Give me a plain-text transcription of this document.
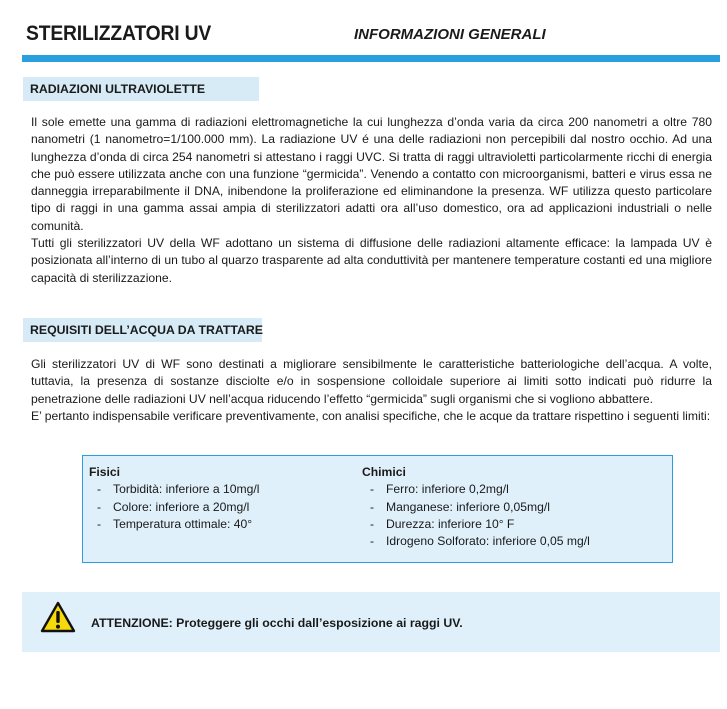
STERILIZZATORI UV	INFORMAZIONI GENERALI
RADIAZIONI ULTRAVIOLETTE

Il sole emette una gamma di radiazioni elettromagnetiche la cui lunghezza d’onda varia da circa 200 nanometri a oltre 780 nanometri (1 nanometro=1/100.000 mm). La radiazione UV é una delle radiazioni non percepibili dal nostro occhio. Ad una lunghezza d’onda di circa 254 nanometri si attestano i raggi UVC. Si tratta di raggi ultravioletti particolarmente ricchi di energia che può essere utilizzata anche con una funzione “germicida”. Venendo a contatto con microorganismi, batteri e virus essa ne danneggia irreparabilmente il DNA, inibendone la proliferazione ed eliminandone la presenza. WF utilizza questo particolare tipo di raggi in una gamma assai ampia di sterilizzatori adatti ora all’uso domestico, ora ad applicazioni industriali o nelle comunità.

Tutti gli sterilizzatori UV della WF adottano un sistema di diffusione delle radiazioni altamente efficace: la lampada UV è posizionata all’interno di un tubo al quarzo trasparente ad alta conduttività per mantenere temperature costanti ed una migliore capacità di sterilizzazione.

REQUISITI DELL’ACQUA DA TRATTARE

Gli sterilizzatori UV di WF sono destinati a migliorare sensibilmente le caratteristiche batteriologiche dell’acqua. A volte, tuttavia, la presenza di sostanze disciolte e/o in sospensione colloidale superiore ai limiti sotto indicati può ridurre la penetrazione delle radiazioni UV nell’acqua riducendo l’effetto “germicida” sugli organismi che si vogliono abbattere.

E’ pertanto indispensabile verificare preventivamente, con analisi specifiche, che le acque da trattare rispettino i seguenti limiti:

Fisici
- Torbidità: inferiore a 10mg/l
- Colore: inferiore a 20mg/l
- Temperatura ottimale: 40°
Chimici
- Ferro: inferiore 0,2mg/l
- Manganese: inferiore 0,05mg/l
- Durezza: inferiore 10° F
- Idrogeno Solforato: inferiore 0,05 mg/l
ATTENZIONE: Proteggere gli occhi dall’esposizione ai raggi UV.
